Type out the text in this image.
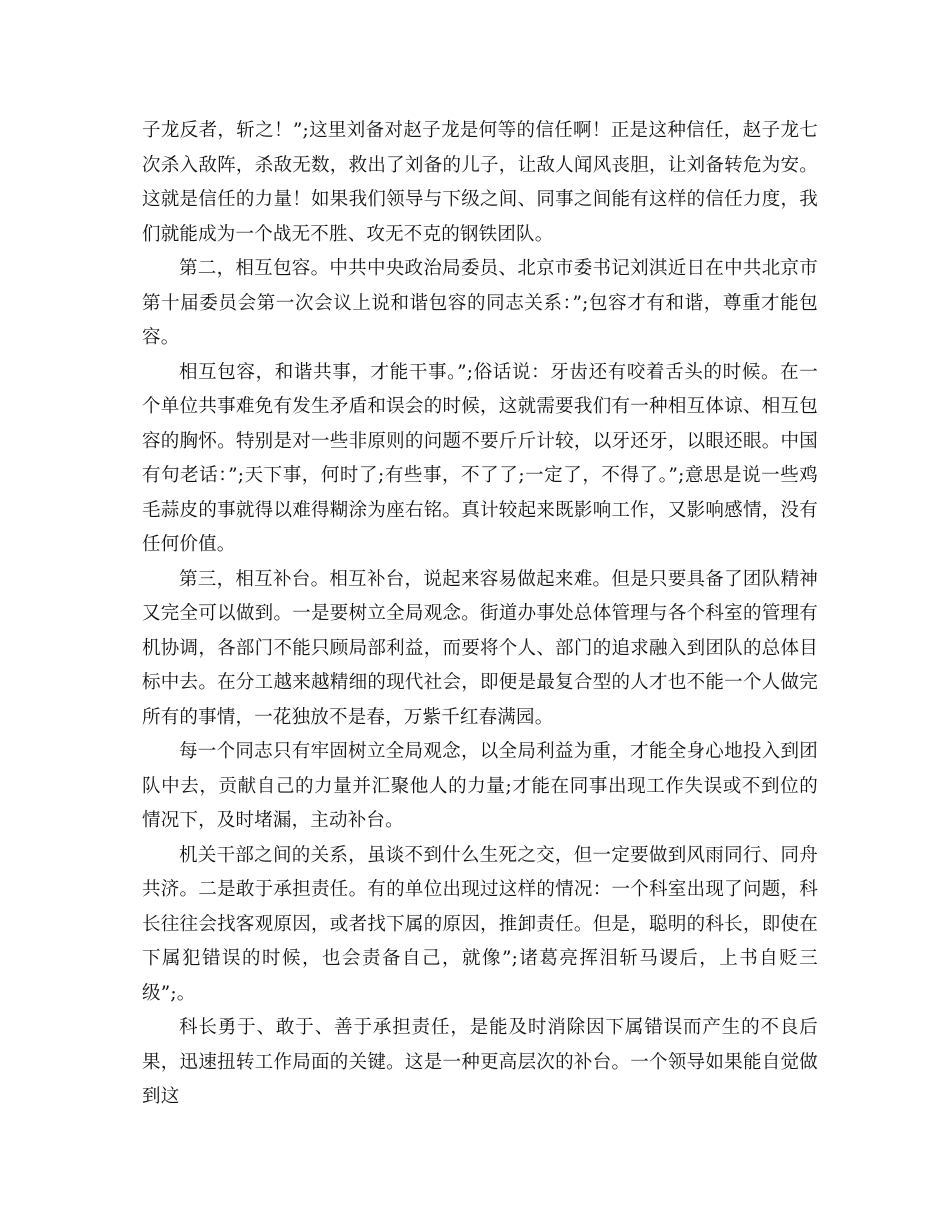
子龙反者，斩之！”;这里刘备对赵子龙是何等的信任啊！正是这种信任，赵子龙七次杀入敌阵，杀敌无数，救出了刘备的儿子，让敌人闻风丧胆，让刘备转危为安。这就是信任的力量！如果我们领导与下级之间、同事之间能有这样的信任力度，我们就能成为一个战无不胜、攻无不克的钢铁团队。

第二，相互包容。中共中央政治局委员、北京市委书记刘淇近日在中共北京市第十届委员会第一次会议上说和谐包容的同志关系：”;包容才有和谐，尊重才能包容。

相互包容，和谐共事，才能干事。”;俗话说：牙齿还有咬着舌头的时候。在一个单位共事难免有发生矛盾和误会的时候，这就需要我们有一种相互体谅、相互包容的胸怀。特别是对一些非原则的问题不要斤斤计较，以牙还牙，以眼还眼。中国有句老话：”;天下事，何时了;有些事，不了了;一定了，不得了。”;意思是说一些鸡毛蒜皮的事就得以难得糊涂为座右铭。真计较起来既影响工作，又影响感情，没有任何价值。

第三，相互补台。相互补台，说起来容易做起来难。但是只要具备了团队精神又完全可以做到。一是要树立全局观念。街道办事处总体管理与各个科室的管理有机协调，各部门不能只顾局部利益，而要将个人、部门的追求融入到团队的总体目标中去。在分工越来越精细的现代社会，即便是最复合型的人才也不能一个人做完所有的事情，一花独放不是春，万紫千红春满园。

每一个同志只有牢固树立全局观念，以全局利益为重，才能全身心地投入到团队中去，贡献自己的力量并汇聚他人的力量;才能在同事出现工作失误或不到位的情况下，及时堵漏，主动补台。

机关干部之间的关系，虽谈不到什么生死之交，但一定要做到风雨同行、同舟共济。二是敢于承担责任。有的单位出现过这样的情况：一个科室出现了问题，科长往往会找客观原因，或者找下属的原因，推卸责任。但是，聪明的科长，即使在下属犯错误的时候，也会责备自己，就像”;诸葛亮挥泪斩马谡后，上书自贬三级”;。

科长勇于、敢于、善于承担责任，是能及时消除因下属错误而产生的不良后果，迅速扭转工作局面的关键。这是一种更高层次的补台。一个领导如果能自觉做到这
